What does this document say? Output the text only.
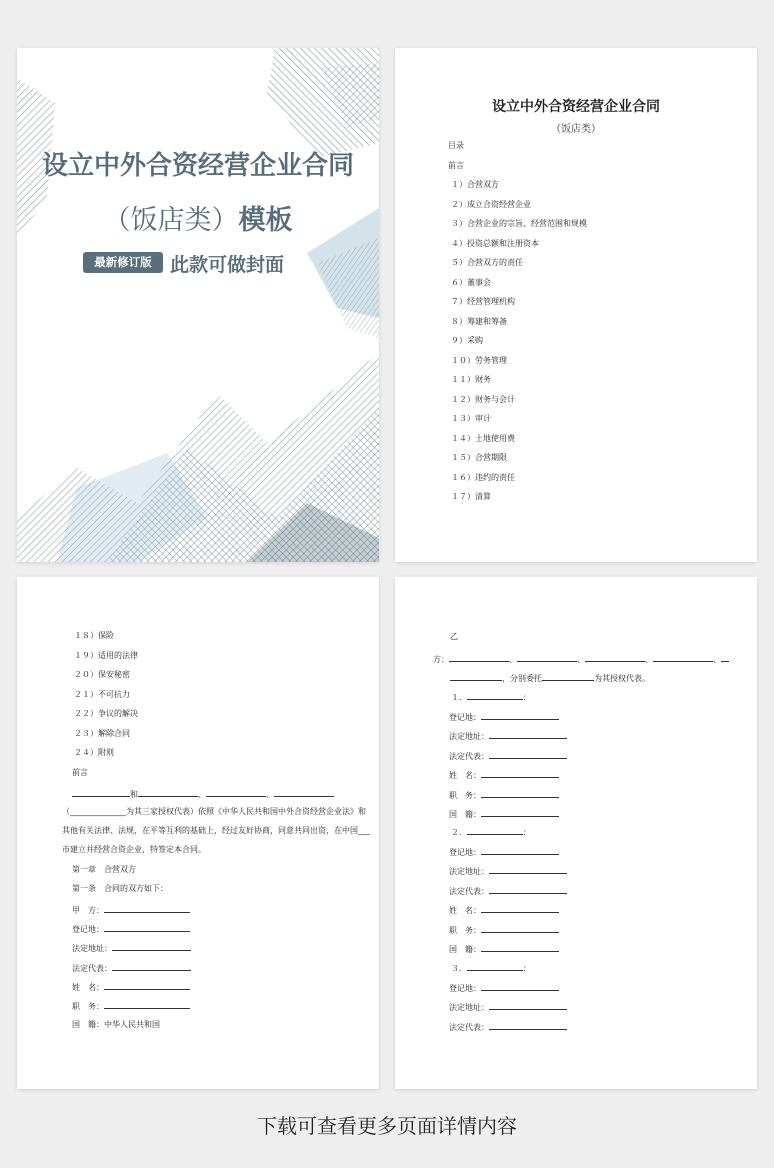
设立中外合资经营企业合同
（饭店类）模板
最新修订版 此款可做封面
设立中外合资经营企业合同
（饭店类）
目录
前言
１）合营双方
２）成立合资经营企业
３）合营企业的宗旨、经营范围和规模
４）投资总额和注册资本
５）合营双方的责任
６）董事会
７）经营管理机构
８）筹建和筹备
９）采购
１０）劳务管理
１１）财务
１２）财务与会计
１３）审计
１４）土地使用费
１５）合营期限
１６）违约的责任
１７）清算
１８）保险
１９）适用的法律
２０）保安秘密
２１）不可抗力
２２）争议的解决
２３）解除合同
２４）附则
前言
和	、	、
（______________为其三家授权代表）依照《中华人民共和国中外合资经营企业法》和
其他有关法律、法规，在平等互利的基础上，经过友好协商，同意共同出资，在中国___
市建立并经营合资企业，特签定本合同。
第一章　合营双方
第一条　合同的双方如下：
甲　方：
登记地：
法定地址：
法定代表：
姓　名：
职　务：
国　籍：中华人民共和国
乙
方：	、	、	、	、
，分别委托	为其授权代表。
１．	：
登记地：
法定地址：
法定代表：
姓　名：
职　务：
国　籍：
２．	：
登记地：
法定地址：
法定代表：
姓　名：
职　务：
国　籍：
３．	：
登记地：
法定地址：
法定代表：
下载可查看更多页面详情内容
